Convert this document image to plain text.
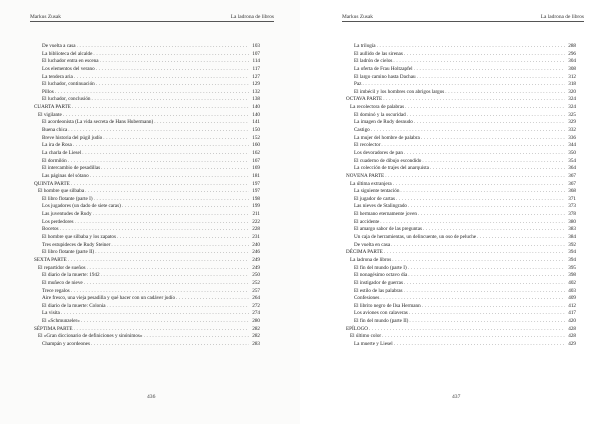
Markus Zusak	La ladrona de libros
De vuelta a casa . . .	103
La biblioteca del alcalde . . .	107
El luchador entra en escena . . .	114
Los elementos del verano . . .	117
La tendera aria . . .	127
El luchador, continuación . . .	129
Pillos . . .	132
El luchador, conclusión . . .	138
CUARTA PARTE . . .	140
El vigilante . . .	140
El acordeonista (La vida secreta de Hans Hubermann) . . .	141
Buena chica . . .	150
Breve historia del púgil judío . . .	152
La ira de Rosa . . .	160
La charla de Liesel . . .	162
El dormilón . . .	167
El intercambio de pesadillas . . .	169
Las páginas del sótano . . .	181
QUINTA PARTE . . .	197
El hombre que silbaba . . .	197
El libro flotante (parte I) . . .	198
Los jugadores (un dado de siete caras) . . .	199
Las juventudes de Rudy . . .	211
Los perdedores . . .	222
Bocetos . . .	228
El hombre que silbaba y los zapatos . . .	231
Tres estupideces de Rudy Steiner . . .	240
El libro flotante (parte II) . . .	246
SEXTA PARTE . . .	249
El repartidor de sueños . . .	249
El diario de la muerte: 1942 . . .	250
El muñeco de nieve . . .	252
Trece regalos . . .	257
Aire fresco, una vieja pesadilla y qué hacer con un cadáver judío . . .	264
El diario de la muerte: Colonia . . .	272
La visita . . .	274
El «Schmunzeler» . . .	280
SÉPTIMA PARTE . . .	282
El «Gran diccionario de definiciones y sinónimos» . . .	282
Champán y acordeones . . .	283
436
Markus Zusak	La ladrona de libros
La trilogía . . .	288
El aullido de las sirenas . . .	296
El ladrón de cielos . . .	304
La oferta de Frau Holtzapfel . . .	308
El largo camino hasta Dachau . . .	312
Paz . . .	318
El imbécil y los hombres con abrigos largos . . .	320
OCTAVA PARTE . . .	324
La recolectora de palabras . . .	324
El dominó y la oscuridad . . .	325
La imagen de Rudy desnudo . . .	329
Castigo . . .	332
La mujer del hombre de palabra . . .	336
El recolector . . .	344
Los devoradores de pan . . .	350
El cuaderno de dibujo escondido . . .	354
La colección de trajes del anarquista . . .	364
NOVENA PARTE . . .	367
La última extranjera . . .	367
La siguiente tentación . . .	368
El jugador de cartas . . .	371
Las nieves de Stalingrado . . .	373
El hermano eternamente joven . . .	378
El accidente . . .	380
El amargo sabor de las preguntas . . .	383
Un caja de herramientas, un delincuente, un oso de peluche . . .	384
De vuelta en casa . . .	392
DÉCIMA PARTE . . .	394
La ladrona de libros . . .	394
El fin del mundo (parte I) . . .	395
El nonagésimo octavo día . . .	398
El instigador de guerras . . .	402
El estilo de las palabras . . .	403
Confesiones . . .	409
El librito negro de Ilsa Hermann . . .	412
Los aviones con calaveras . . .	417
El fin del mundo (parte II) . . .	420
EPÍLOGO . . .	428
El último color . . .	428
La muerte y Liesel . . .	429
437
